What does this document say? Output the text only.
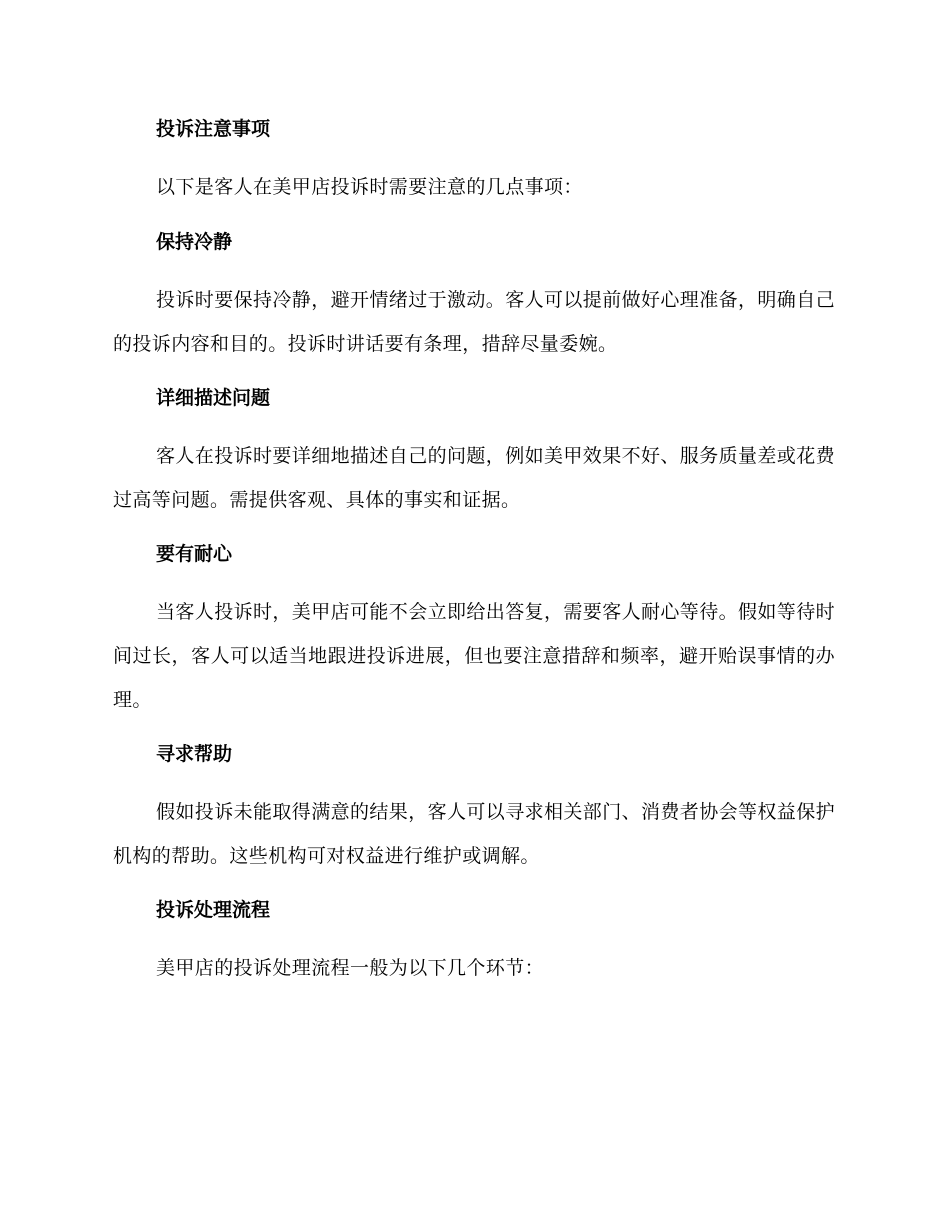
投诉注意事项
以下是客人在美甲店投诉时需要注意的几点事项：
保持冷静
投诉时要保持冷静，避开情绪过于激动。客人可以提前做好心理准备，明确自己的投诉内容和目的。投诉时讲话要有条理，措辞尽量委婉。
详细描述问题
客人在投诉时要详细地描述自己的问题，例如美甲效果不好、服务质量差或花费过高等问题。需提供客观、具体的事实和证据。
要有耐心
当客人投诉时，美甲店可能不会立即给出答复，需要客人耐心等待。假如等待时间过长，客人可以适当地跟进投诉进展，但也要注意措辞和频率，避开贻误事情的办理。
寻求帮助
假如投诉未能取得满意的结果，客人可以寻求相关部门、消费者协会等权益保护机构的帮助。这些机构可对权益进行维护或调解。
投诉处理流程
美甲店的投诉处理流程一般为以下几个环节：
